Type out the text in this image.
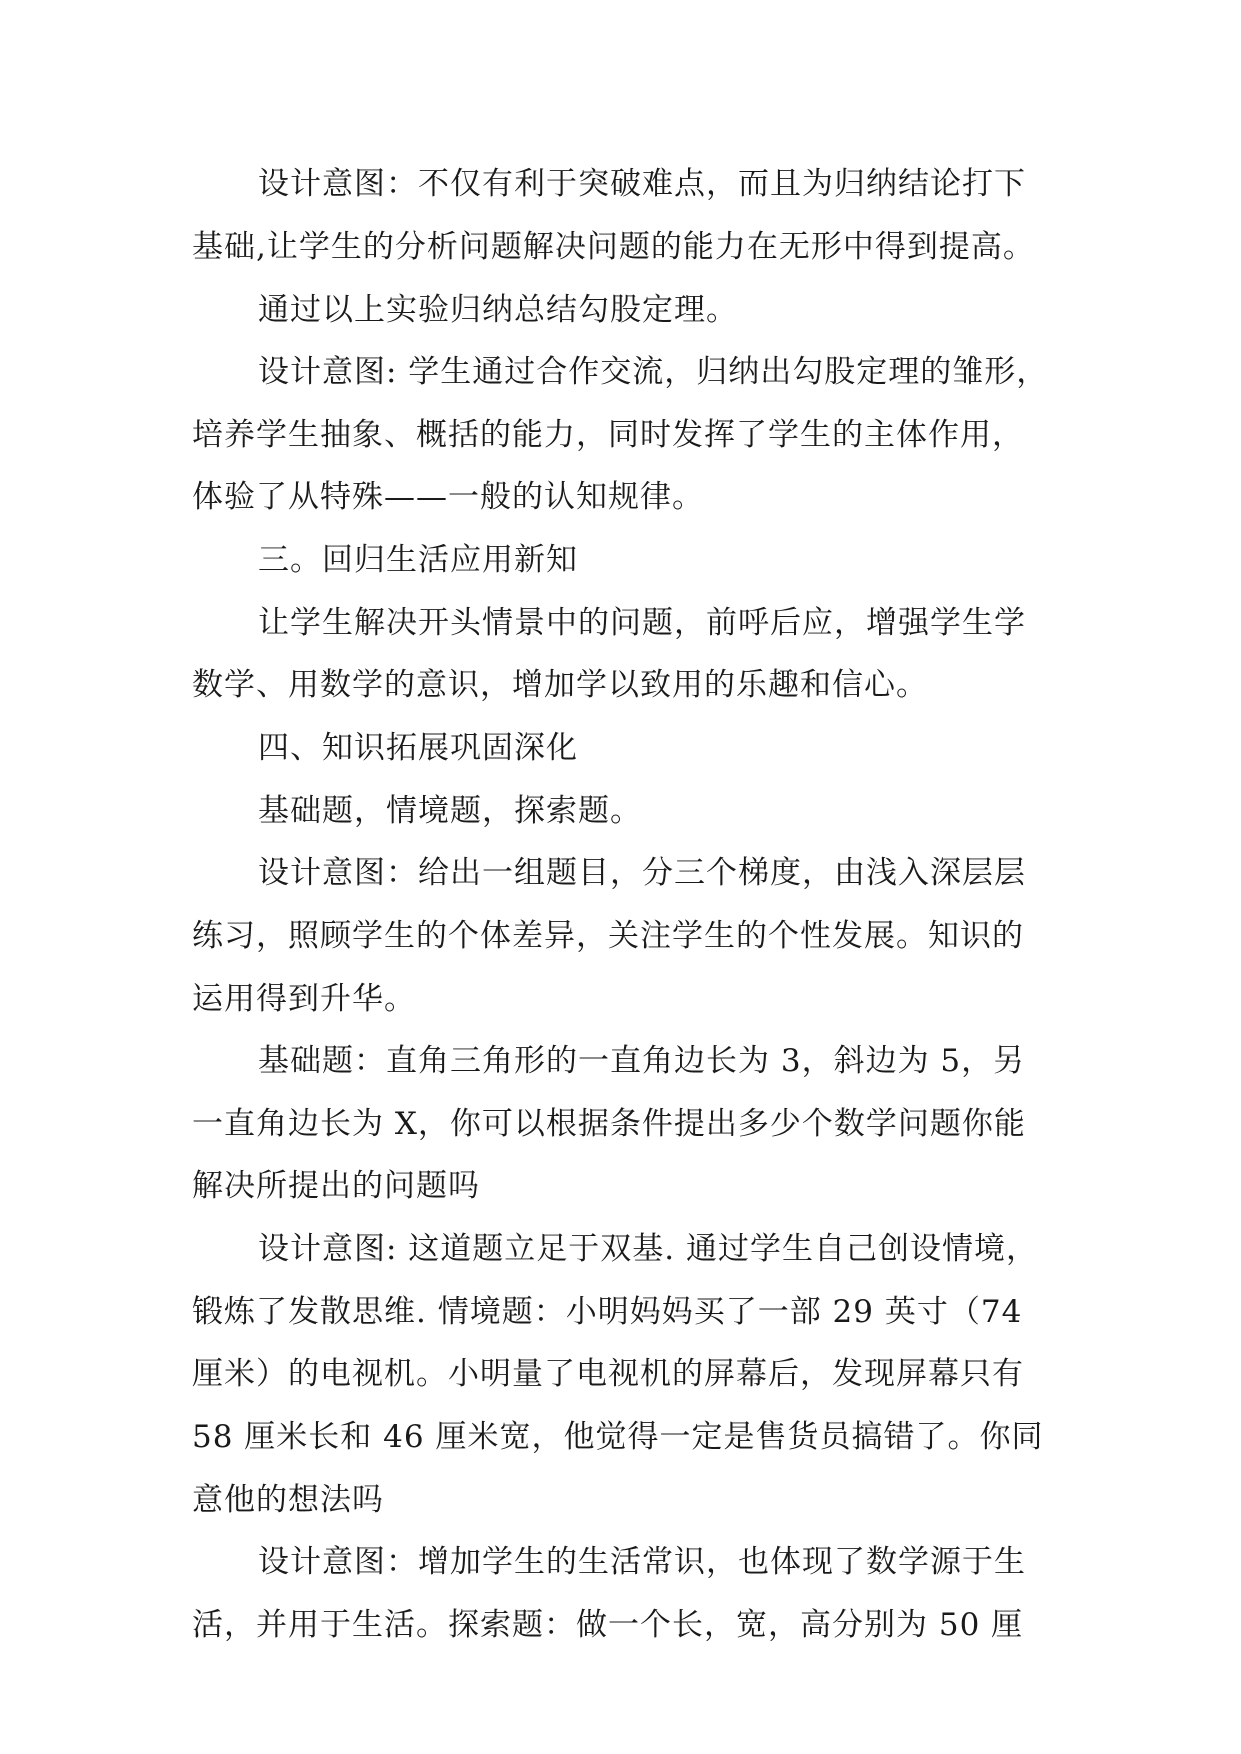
设计意图：不仅有利于突破难点，而且为归纳结论打下

基础,让学生的分析问题解决问题的能力在无形中得到提高。

通过以上实验归纳总结勾股定理。

设计意图: 学生通过合作交流，归纳出勾股定理的雏形，

培养学生抽象、概括的能力，同时发挥了学生的主体作用，

体验了从特殊——一般的认知规律。

三。回归生活应用新知

让学生解决开头情景中的问题，前呼后应，增强学生学

数学、用数学的意识，增加学以致用的乐趣和信心。

四、知识拓展巩固深化

基础题，情境题，探索题。

设计意图：给出一组题目，分三个梯度，由浅入深层层

练习，照顾学生的个体差异，关注学生的个性发展。知识的

运用得到升华。

基础题：直角三角形的一直角边长为 3，斜边为 5，另

一直角边长为 X，你可以根据条件提出多少个数学问题你能

解决所提出的问题吗

设计意图: 这道题立足于双基. 通过学生自己创设情境，

锻炼了发散思维. 情境题：小明妈妈买了一部 29 英寸（74

厘米）的电视机。小明量了电视机的屏幕后，发现屏幕只有

58 厘米长和 46 厘米宽，他觉得一定是售货员搞错了。你同

意他的想法吗

设计意图：增加学生的生活常识，也体现了数学源于生

活，并用于生活。探索题：做一个长，宽，高分别为 50 厘
